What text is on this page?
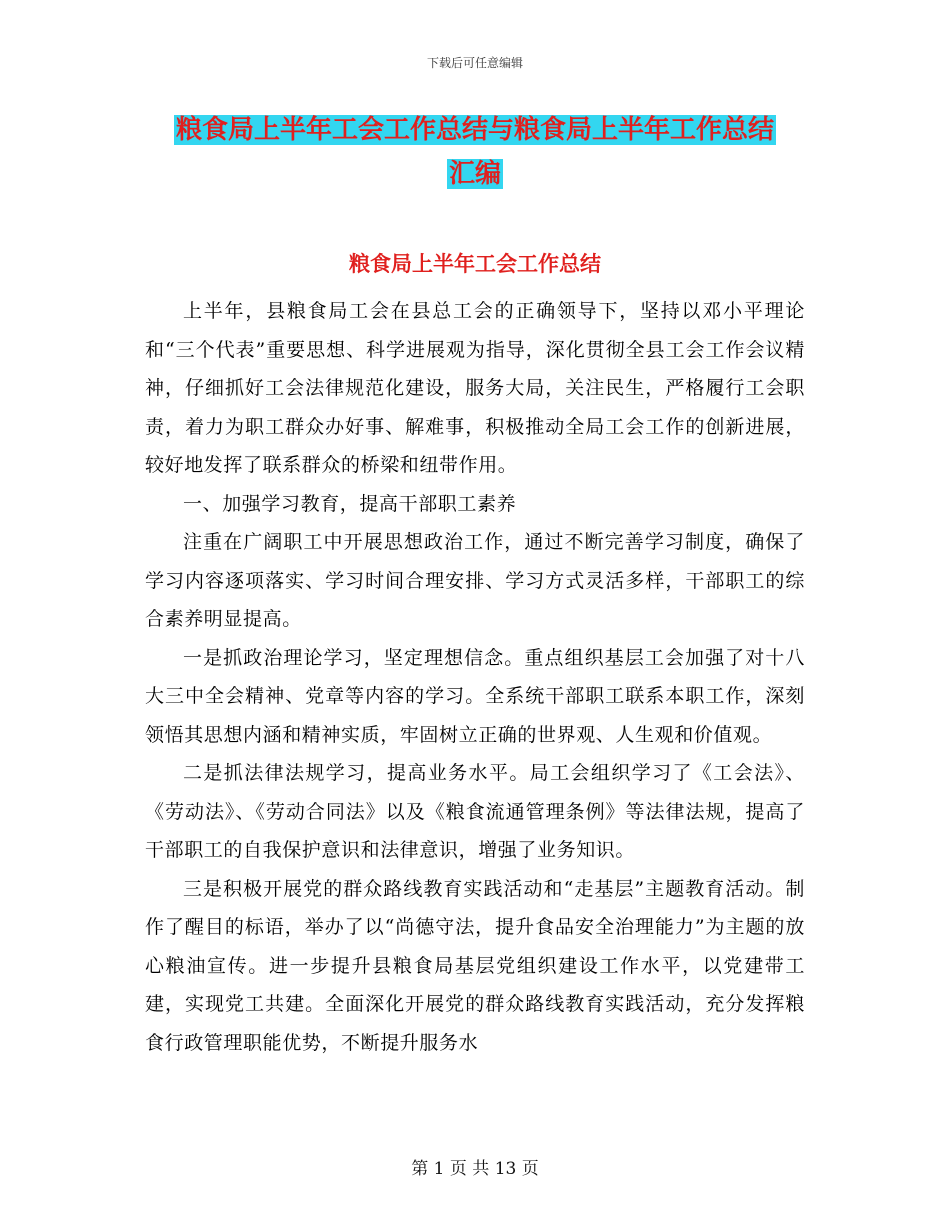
下载后可任意编辑
粮食局上半年工会工作总结与粮食局上半年工作总结
汇编
粮食局上半年工会工作总结

上半年，县粮食局工会在县总工会的正确领导下，坚持以邓小平理论和“三个代表”重要思想、科学进展观为指导，深化贯彻全县工会工作会议精神，仔细抓好工会法律规范化建设，服务大局，关注民生，严格履行工会职责，着力为职工群众办好事、解难事，积极推动全局工会工作的创新进展，较好地发挥了联系群众的桥梁和纽带作用。

一、加强学习教育，提高干部职工素养

注重在广阔职工中开展思想政治工作，通过不断完善学习制度，确保了学习内容逐项落实、学习时间合理安排、学习方式灵活多样，干部职工的综合素养明显提高。

一是抓政治理论学习，坚定理想信念。重点组织基层工会加强了对十八大三中全会精神、党章等内容的学习。全系统干部职工联系本职工作，深刻领悟其思想内涵和精神实质，牢固树立正确的世界观、人生观和价值观。

二是抓法律法规学习，提高业务水平。局工会组织学习了《工会法》、《劳动法》、《劳动合同法》以及《粮食流通管理条例》等法律法规，提高了干部职工的自我保护意识和法律意识，增强了业务知识。

三是积极开展党的群众路线教育实践活动和“走基层”主题教育活动。制作了醒目的标语，举办了以“尚德守法，提升食品安全治理能力”为主题的放心粮油宣传。进一步提升县粮食局基层党组织建设工作水平，以党建带工建，实现党工共建。全面深化开展党的群众路线教育实践活动，充分发挥粮食行政管理职能优势，不断提升服务水

第 1 页 共 13 页
